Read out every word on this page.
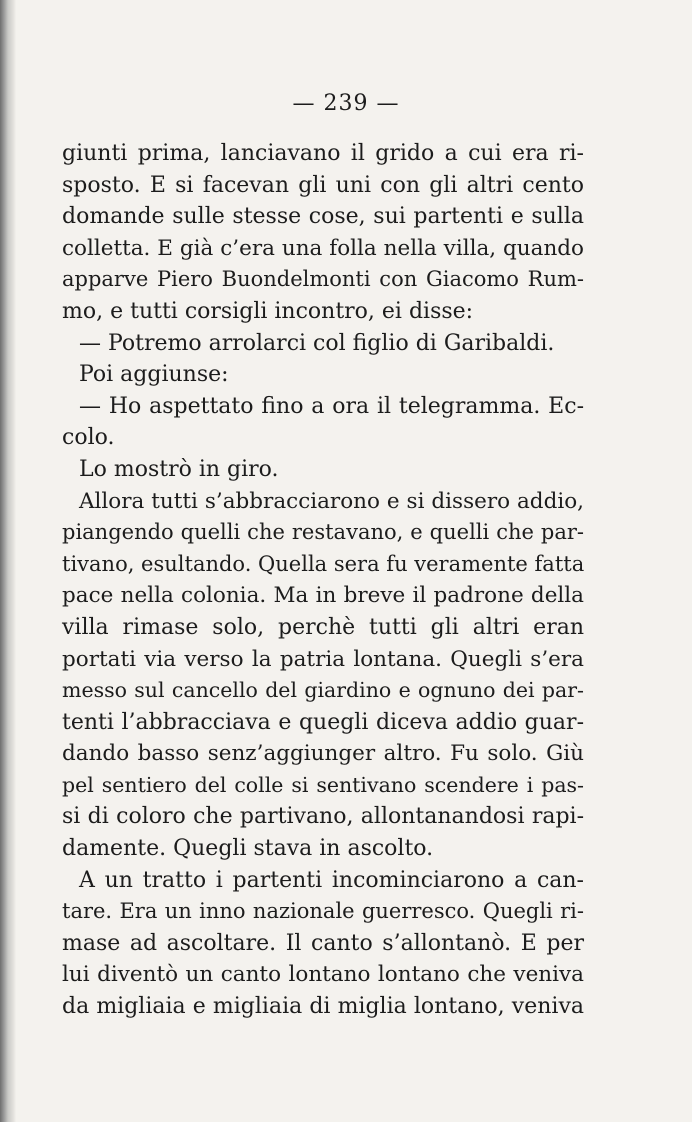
— 239 —
giunti prima, lanciavano il grido a cui era ri-
sposto. E si facevan gli uni con gli altri cento
domande sulle stesse cose, sui partenti e sulla
colletta. E già c’era una folla nella villa, quando
apparve Piero Buondelmonti con Giacomo Rum-
mo, e tutti corsigli incontro, ei disse:
— Potremo arrolarci col figlio di Garibaldi.
Poi aggiunse:
— Ho aspettato fino a ora il telegramma. Ec-
colo.
Lo mostrò in giro.
Allora tutti s’abbracciarono e si dissero addio,
piangendo quelli che restavano, e quelli che par-
tivano, esultando. Quella sera fu veramente fatta
pace nella colonia. Ma in breve il padrone della
villa rimase solo, perchè tutti gli altri eran
portati via verso la patria lontana. Quegli s’era
messo sul cancello del giardino e ognuno dei par-
tenti l’abbracciava e quegli diceva addio guar-
dando basso senz’aggiunger altro. Fu solo. Giù
pel sentiero del colle si sentivano scendere i pas-
si di coloro che partivano, allontanandosi rapi-
damente. Quegli stava in ascolto.
A un tratto i partenti incominciarono a can-
tare. Era un inno nazionale guerresco. Quegli ri-
mase ad ascoltare. Il canto s’allontanò. E per
lui diventò un canto lontano lontano che veniva
da migliaia e migliaia di miglia lontano, veniva
